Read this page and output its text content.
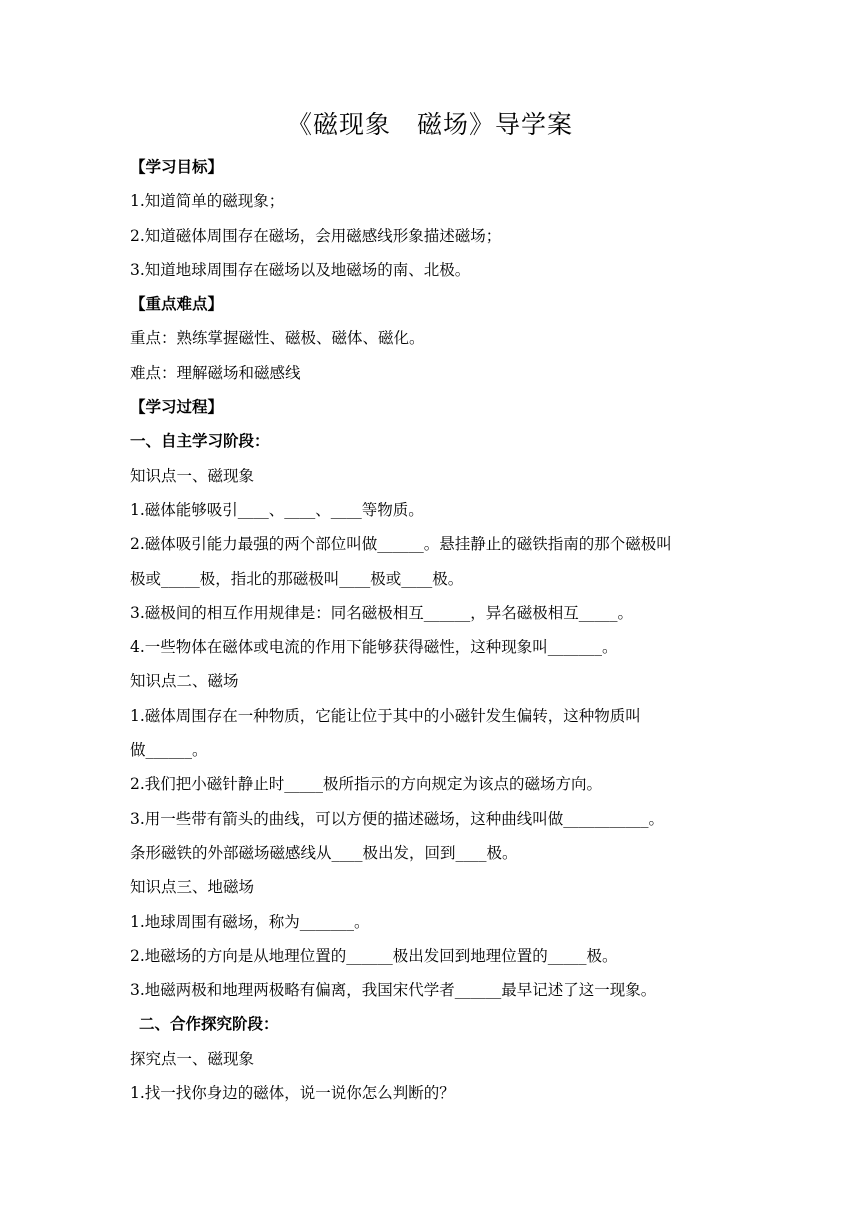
《磁现象　磁场》导学案
【学习目标】
1.知道简单的磁现象；
2.知道磁体周围存在磁场，会用磁感线形象描述磁场；
3.知道地球周围存在磁场以及地磁场的南、北极。
【重点难点】
重点：熟练掌握磁性、磁极、磁体、磁化。
难点：理解磁场和磁感线
【学习过程】
一、自主学习阶段：
知识点一、磁现象
1.磁体能够吸引____、____、____等物质。
2.磁体吸引能力最强的两个部位叫做______。悬挂静止的磁铁指南的那个磁极叫
极或_____极，指北的那磁极叫____极或____极。
3.磁极间的相互作用规律是：同名磁极相互______，异名磁极相互_____。
4.一些物体在磁体或电流的作用下能够获得磁性，这种现象叫_______。
知识点二、磁场
1.磁体周围存在一种物质，它能让位于其中的小磁针发生偏转，这种物质叫
做______。
2.我们把小磁针静止时_____极所指示的方向规定为该点的磁场方向。
3.用一些带有箭头的曲线，可以方便的描述磁场，这种曲线叫做___________。
条形磁铁的外部磁场磁感线从____极出发，回到____极。
知识点三、地磁场
1.地球周围有磁场，称为_______。
2.地磁场的方向是从地理位置的______极出发回到地理位置的_____极。
3.地磁两极和地理两极略有偏离，我国宋代学者______最早记述了这一现象。
二、合作探究阶段：
探究点一、磁现象
1.找一找你身边的磁体，说一说你怎么判断的？
